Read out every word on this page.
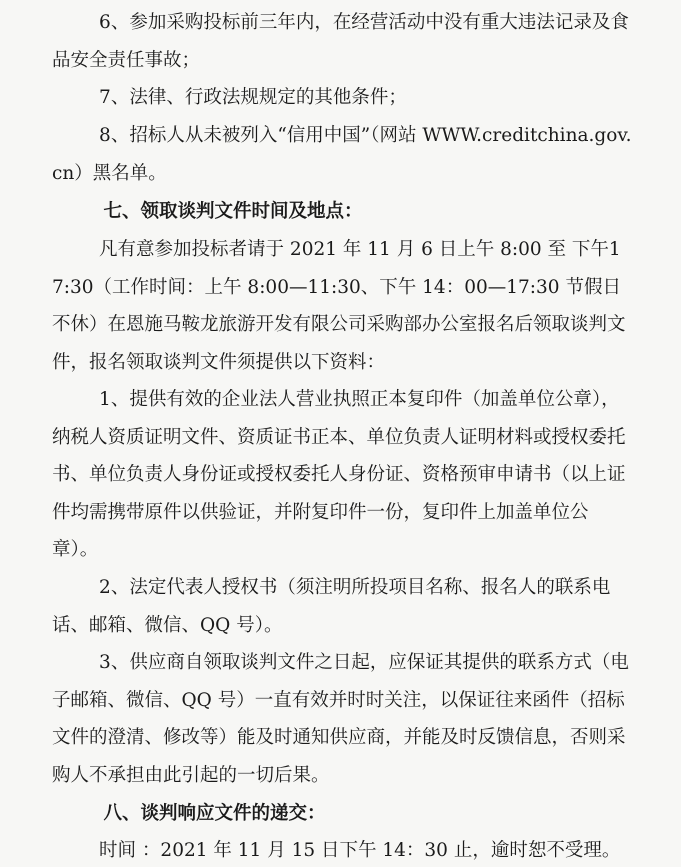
6、参加采购投标前三年内，在经营活动中没有重大违法记录及食品安全责任事故；

7、法律、行政法规规定的其他条件；

8、招标人从未被列入“信用中国”（网站 WWW.creditchina.gov.cn）黑名单。

七、领取谈判文件时间及地点：

凡有意参加投标者请于 2021 年 11 月 6 日上午 8:00 至 下午17:30（工作时间：上午 8:00—11:30、下午 14：00—17:30 节假日不休）在恩施马鞍龙旅游开发有限公司采购部办公室报名后领取谈判文件，报名领取谈判文件须提供以下资料：

1、提供有效的企业法人营业执照正本复印件（加盖单位公章），纳税人资质证明文件、资质证书正本、单位负责人证明材料或授权委托书、单位负责人身份证或授权委托人身份证、资格预审申请书（以上证件均需携带原件以供验证，并附复印件一份，复印件上加盖单位公章）。

2、法定代表人授权书（须注明所投项目名称、报名人的联系电话、邮箱、微信、QQ 号）。

3、供应商自领取谈判文件之日起，应保证其提供的联系方式（电子邮箱、微信、QQ 号）一直有效并时时关注，以保证往来函件（招标文件的澄清、修改等）能及时通知供应商，并能及时反馈信息，否则采购人不承担由此引起的一切后果。

八、谈判响应文件的递交：

时间 ：2021 年 11 月 15 日下午 14：30 止，逾时恕不受理。
